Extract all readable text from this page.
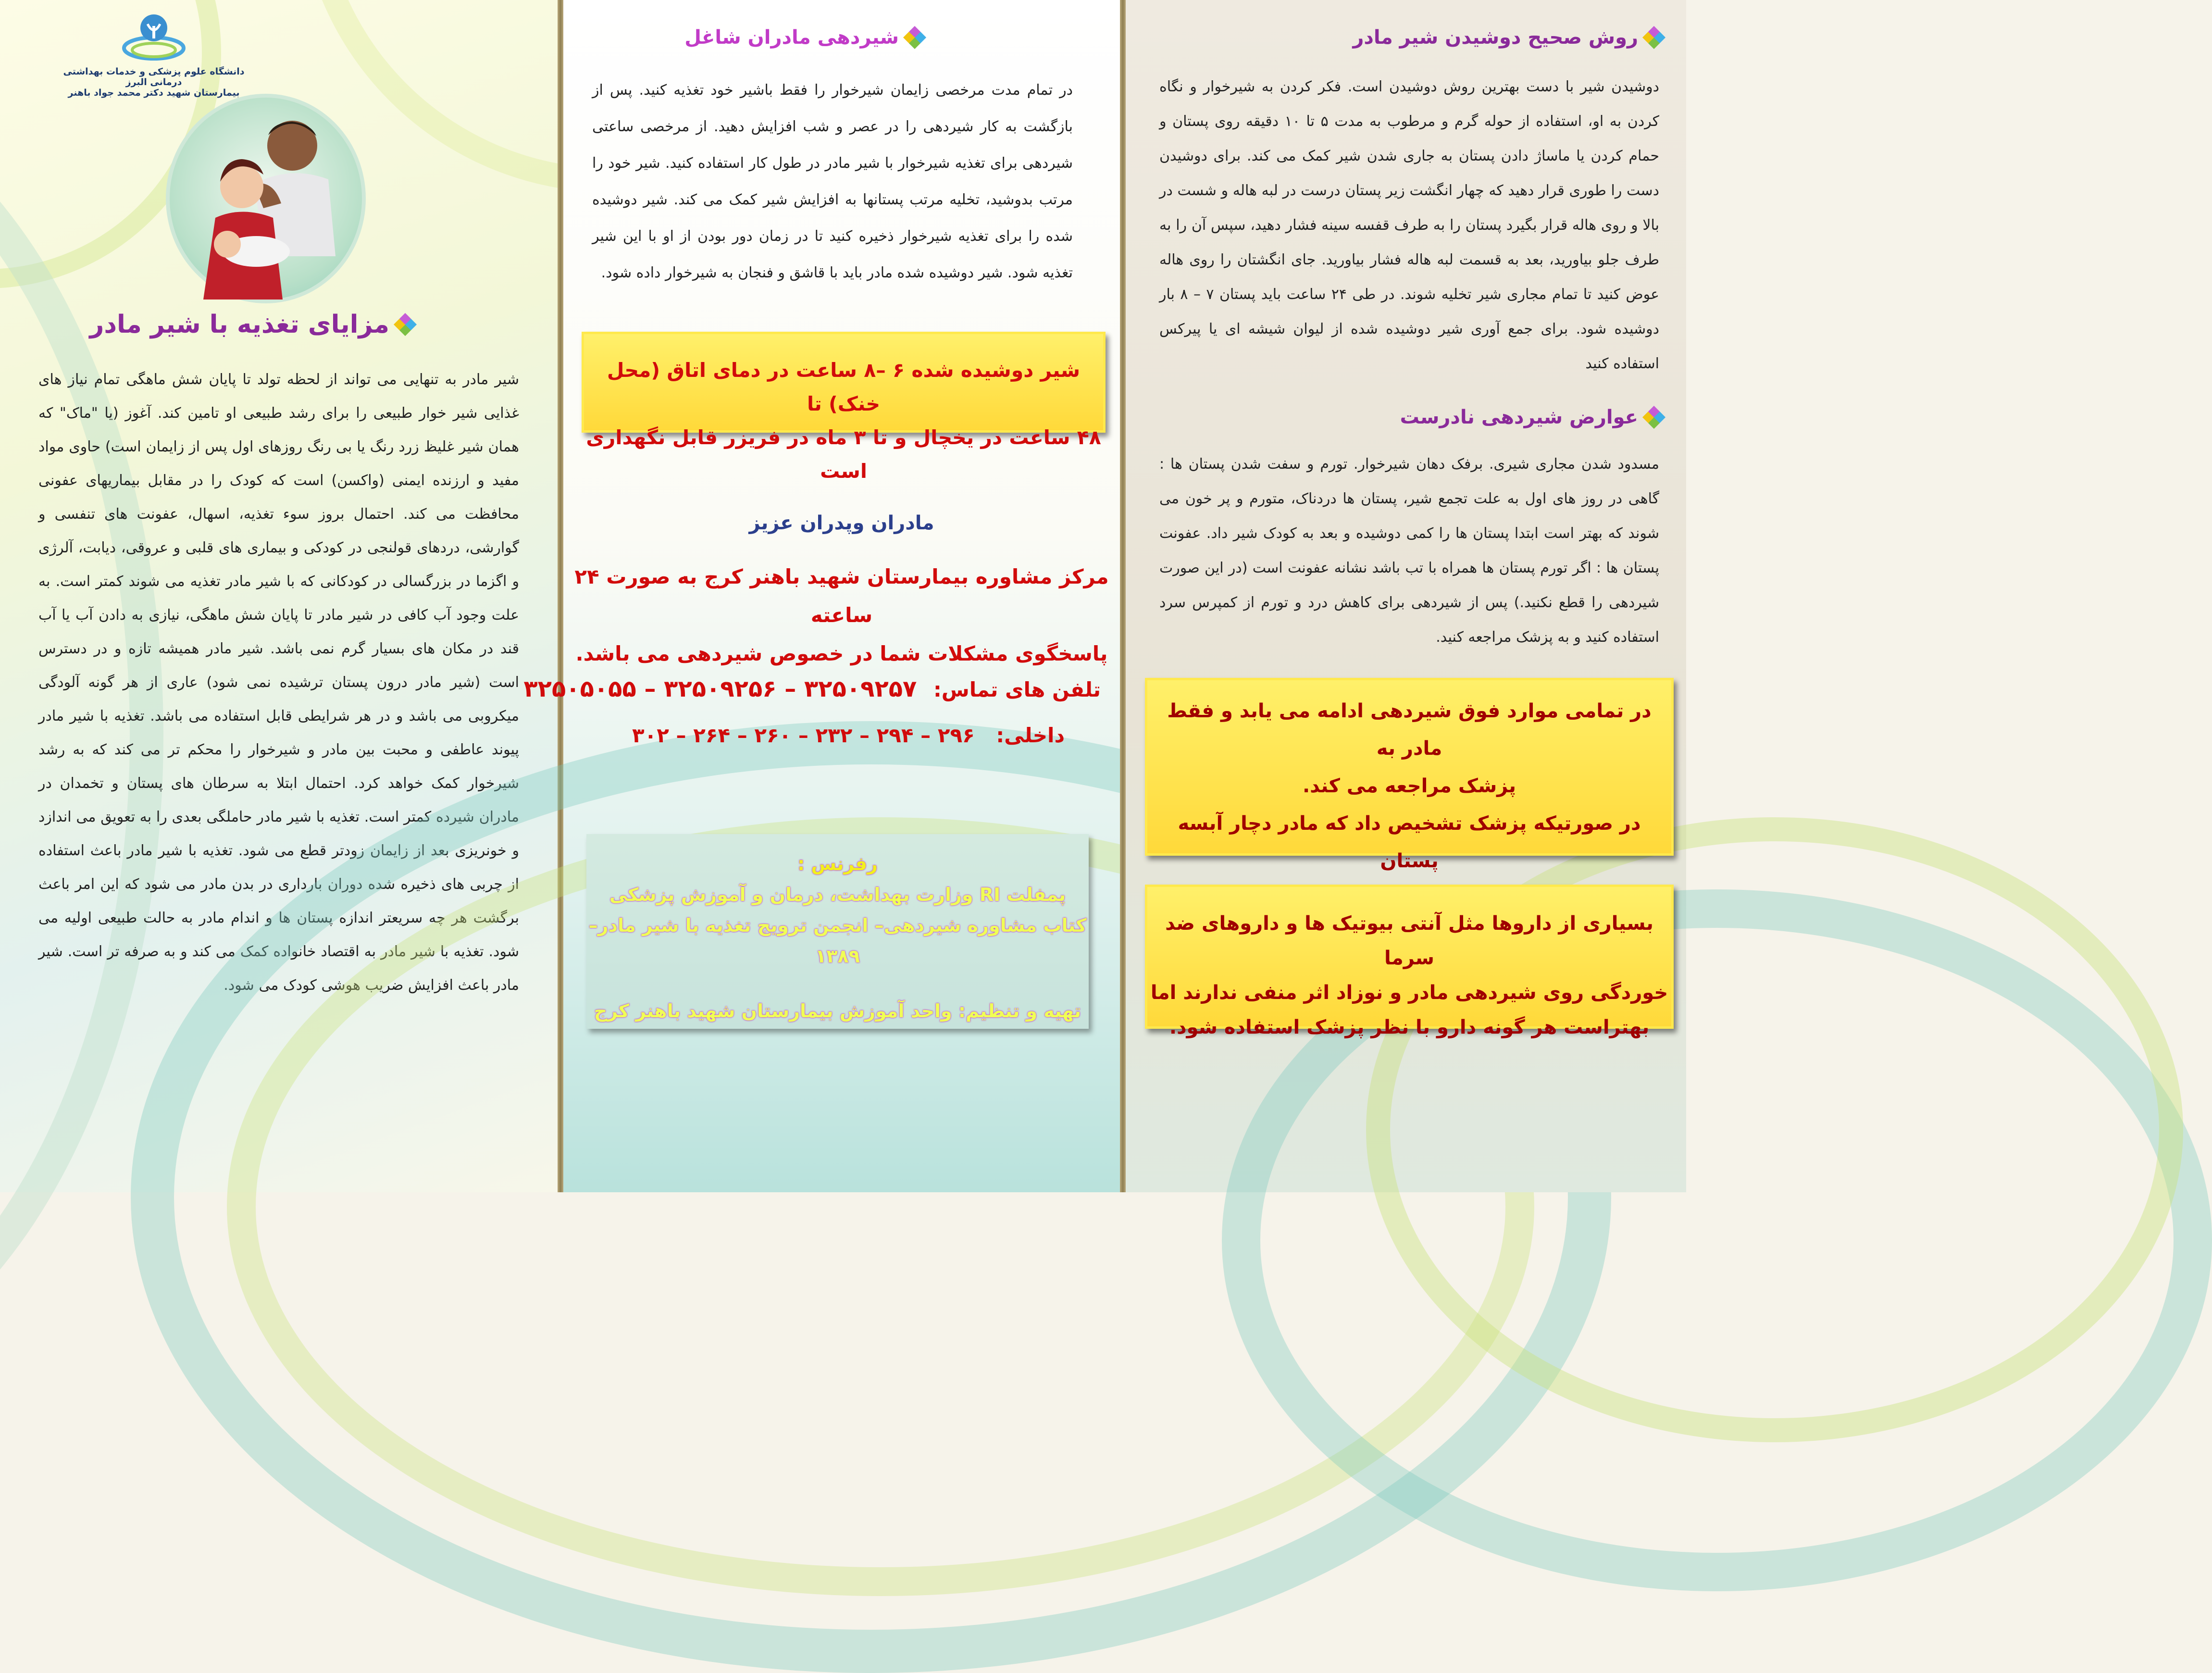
دانشگاه علوم پزشکی و خدمات بهداشتی درمانی البرز
بیمارستان شهید دکتر محمد جواد باهنر
مزایای تغذیه با شیر مادر
شیر مادر به تنهایی می تواند از لحظه تولد تا پایان شش ماهگی تمام نیاز های غذایی شیر خوار طبیعی را برای رشد طبیعی او تامین کند. آغوز (یا "ماک" که همان شیر غلیظ زرد رنگ یا بی رنگ روزهای اول پس از زایمان است) حاوی مواد مفید و ارزنده ایمنی (واکسن) است که کودک را در مقابل بیماریهای عفونی محافظت می کند. احتمال بروز سوء تغذیه، اسهال، عفونت های تنفسی و گوارشی، دردهای قولنجی در کودکی و بیماری های قلبی و عروقی، دیابت، آلرژی و اگزما در بزرگسالی در کودکانی که با شیر مادر تغذیه می شوند کمتر است. به علت وجود آب کافی در شیر مادر تا پایان شش ماهگی، نیازی به دادن آب یا آب قند در مکان های بسیار گرم نمی باشد. شیر مادر همیشه تازه و در دسترس است (شیر مادر درون پستان ترشیده نمی شود) عاری از هر گونه آلودگی میکروبی می باشد و در هر شرایطی قابل استفاده می باشد. تغذیه با شیر مادر پیوند عاطفی و محبت بین مادر و شیرخوار را محکم تر می کند که به رشد شیرخوار کمک خواهد کرد. احتمال ابتلا به سرطان های پستان و تخمدان در مادران شیرده کمتر است. تغذیه با شیر مادر حاملگی بعدی را به تعویق می اندازد و خونریزی بعد از زایمان زودتر قطع می شود. تغذیه با شیر مادر باعث استفاده از چربی های ذخیره شده دوران بارداری در بدن مادر می شود که این امر باعث برگشت هر چه سریعتر اندازه پستان ها و اندام مادر به حالت طبیعی اولیه می شود. تغذیه با شیر مادر به اقتصاد خانواده کمک می کند و به صرفه تر است. شیر مادر باعث افزایش ضریب هوشی کودک می شود.
شیردهی مادران شاغل
در تمام مدت مرخصی زایمان شیرخوار را فقط باشیر خود تغذیه کنید. پس از بازگشت به کار شیردهی را در عصر و شب افزایش دهید. از مرخصی ساعتی شیردهی برای تغذیه شیرخوار با شیر مادر در طول کار استفاده کنید. شیر خود را مرتب بدوشید، تخلیه مرتب پستانها به افزایش شیر کمک می کند. شیر دوشیده شده را برای تغذیه شیرخوار ذخیره کنید تا در زمان دور بودن از او با این شیر تغذیه شود. شیر دوشیده شده مادر باید با قاشق و فنجان به شیرخوار داده شود.
شیر دوشیده شده ۶ –۸ ساعت در دمای اتاق (محل خنک) تا
۴۸ ساعت در یخچال و تا ۳ ماه در فریزر قابل نگهداری است
مادران وپدران عزیز
مرکز مشاوره بیمارستان شهید باهنر کرج به صورت ۲۴ ساعته
پاسخگوی مشکلات شما در خصوص شیردهی می باشد.
تلفن های تماس: ۳۲۵۰۹۲۵۷ – ۳۲۵۰۹۲۵۶ – ۳۲۵۰۵۰۵۵
داخلی: ۲۹۶ – ۲۹۴ – ۲۳۲ – ۲۶۰ – ۲۶۴ – ۳۰۲
رفرنس :
پمفلت RI وزارت بهداشت، درمان و آموزش پزشکی
کتاب مشاوره شیردهی– انجمن ترویج تغذیه با شیر مادر– ۱۳۸۹
تهیه و تنظیم: واحد آموزش بیمارستان شهید باهنر کرج
روش صحیح دوشیدن شیر مادر
دوشیدن شیر با دست بهترین روش دوشیدن است. فکر کردن به شیرخوار و نگاه کردن به او، استفاده از حوله گرم و مرطوب به مدت ۵ تا ۱۰ دقیقه روی پستان و حمام کردن یا ماساژ دادن پستان به جاری شدن شیر کمک می کند. برای دوشیدن دست را طوری قرار دهید که چهار انگشت زیر پستان درست در لبه هاله و شست در بالا و روی هاله قرار بگیرد پستان را به طرف قفسه سینه فشار دهید، سپس آن را به طرف جلو بیاورید، بعد به قسمت لبه هاله فشار بیاورید. جای انگشتان را روی هاله عوض کنید تا تمام مجاری شیر تخلیه شوند. در طی ۲۴ ساعت باید پستان ۷ – ۸ بار دوشیده شود. برای جمع آوری شیر دوشیده شده از لیوان شیشه ای یا پیرکس استفاده کنید
عوارض شیردهی نادرست
مسدود شدن مجاری شیری. برفک دهان شیرخوار. تورم و سفت شدن پستان ها : گاهی در روز های اول به علت تجمع شیر، پستان ها دردناک، متورم و پر خون می شوند که بهتر است ابتدا پستان ها را کمی دوشیده و بعد به کودک شیر داد. عفونت پستان ها : اگر تورم پستان ها همراه با تب باشد نشانه عفونت است (در این صورت شیردهی را قطع نکنید.) پس از شیردهی برای کاهش درد و تورم از کمپرس سرد استفاده کنید و به پزشک مراجعه کنید.
در تمامی موارد فوق شیردهی ادامه می یابد و فقط مادر به
پزشک مراجعه می کند.
در صورتیکه پزشک تشخیص داد که مادر دچار آبسه پستان
بسیاری از داروها مثل آنتی بیوتیک ها و داروهای ضد سرما
خوردگی روی شیردهی مادر و نوزاد اثر منفی ندارند اما
بهتراست هر گونه دارو با نظر پزشک استفاده شود.
